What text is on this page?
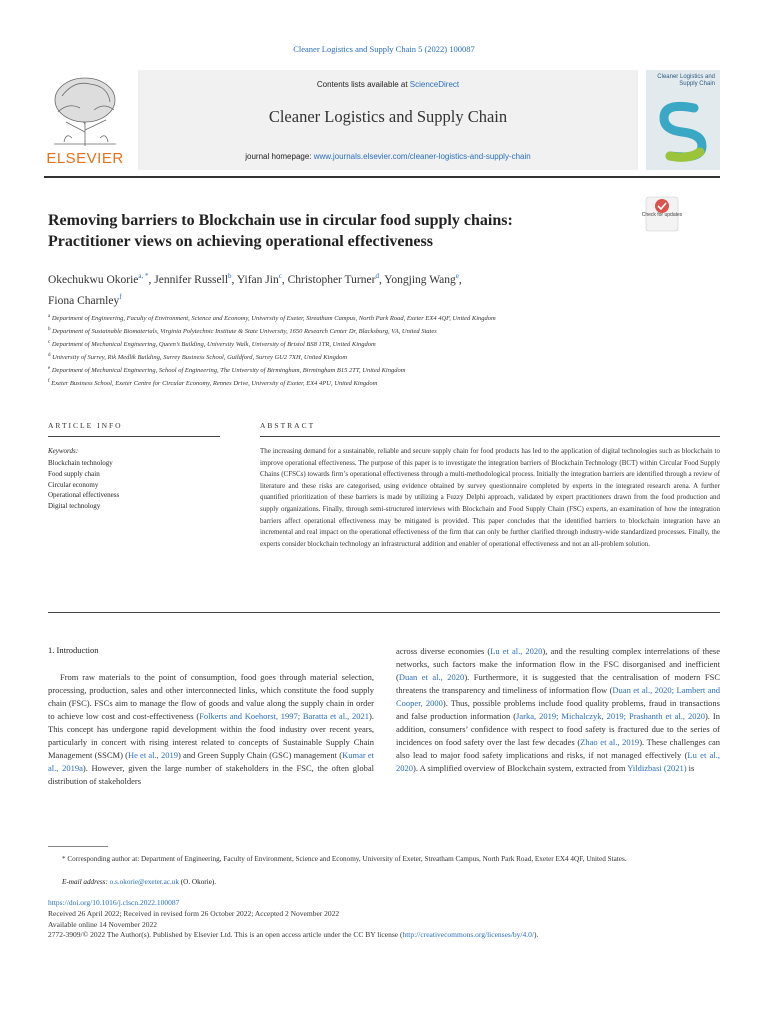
Cleaner Logistics and Supply Chain 5 (2022) 100087
ELSEVIER
Contents lists available at ScienceDirect
Cleaner Logistics and Supply Chain
journal homepage: www.journals.elsevier.com/cleaner-logistics-and-supply-chain
Cleaner Logistics and Supply Chain
Check for updates
Removing barriers to Blockchain use in circular food supply chains:
Practitioner views on achieving operational effectiveness
Okechukwu Okorie$^{a, *}$, Jennifer Russell$^b$, Yifan Jin$^c$, Christopher Turner$^d$, Yongjing Wang$^e$,
Fiona Charnley$^f$
$^a$ Department of Engineering, Faculty of Environment, Science and Economy, University of Exeter, Streatham Campus, North Park Road, Exeter EX4 4QF, United Kingdom
$^b$ Department of Sustainable Biomaterials, Virginia Polytechnic Institute & State University, 1650 Research Center Dr, Blacksburg, VA, United States
$^c$ Department of Mechanical Engineering, Queen’s Building, University Walk, University of Bristol BS8 1TR, United Kingdom
$^d$ University of Surrey, Rik Medlik Building, Surrey Business School, Guildford, Surrey GU2 7XH, United Kingdom
$^e$ Department of Mechanical Engineering, School of Engineering, The University of Birmingham, Birmingham B15 2TT, United Kingdom
$^f$ Exeter Business School, Exeter Centre for Circular Economy, Rennes Drive, University of Exeter, EX4 4PU, United Kingdom
ARTICLE INFO	ABSTRACT
Keywords:
Blockchain technology
Food supply chain
Circular economy
Operational effectiveness
Digital technology
The increasing demand for a sustainable, reliable and secure supply chain for food products has led to the application of digital technologies such as blockchain to improve operational effectiveness. The purpose of this paper is to investigate the integration barriers of Blockchain Technology (BCT) within Circular Food Supply Chains (CFSCs) towards firm’s operational effectiveness through a multi-methodological process. Initially the integration barriers are identified through a review of literature and these risks are categorised, using evidence obtained by survey questionnaire completed by experts in the integrated research arena. A further quantified prioritization of these barriers is made by utilizing a Fuzzy Delphi approach, validated by expert practitioners drawn from the food production and supply organizations. Finally, through semi-structured interviews with Blockchain and Food Supply Chain (FSC) experts, an examination of how the integration barriers affect operational effectiveness may be mitigated is provided. This paper concludes that the identified barriers to blockchain integration have an incremental and real impact on the operational effectiveness of the firm that can only be further clarified through industry-wide standardized processes. Finally, the experts consider blockchain technology an infrastructural addition and enabler of operational effectiveness and not an all-problem solution.
1. Introduction
From raw materials to the point of consumption, food goes through material selection, processing, production, sales and other interconnected links, which constitute the food supply chain (FSC). FSCs aim to manage the flow of goods and value along the supply chain in order to achieve low cost and cost-effectiveness (Folkerts and Koehorst, 1997; Baratta et al., 2021). This concept has undergone rapid development within the food industry over recent years, particularly in concert with rising interest related to concepts of Sustainable Supply Chain Management (SSCM) (He et al., 2019) and Green Supply Chain (GSC) management (Kumar et al., 2019a). However, given the large number of stakeholders in the FSC, the often global distribution of stakeholders
across diverse economies (Lu et al., 2020), and the resulting complex interrelations of these networks, such factors make the information flow in the FSC disorganised and inefficient (Duan et al., 2020). Furthermore, it is suggested that the centralisation of modern FSC threatens the transparency and timeliness of information flow (Duan et al., 2020; Lambert and Cooper, 2000). Thus, possible problems include food quality problems, fraud in transactions and false production information (Jarka, 2019; Michalczyk, 2019; Prashanth et al., 2020). In addition, consumers’ confidence with respect to food safety is fractured due to the series of incidences on food safety over the last few decades (Zhao et al., 2019). These challenges can also lead to major food safety implications and risks, if not managed effectively (Lu et al., 2020). A simplified overview of Blockchain system, extracted from Yildizbasi (2021) is
* Corresponding author at: Department of Engineering, Faculty of Environment, Science and Economy, University of Exeter, Streatham Campus, North Park Road, Exeter EX4 4QF, United States.
E-mail address: o.s.okorie@exeter.ac.uk (O. Okorie).
https://doi.org/10.1016/j.clscn.2022.100087
Received 26 April 2022; Received in revised form 26 October 2022; Accepted 2 November 2022
Available online 14 November 2022
2772-3909/© 2022 The Author(s). Published by Elsevier Ltd. This is an open access article under the CC BY license (http://creativecommons.org/licenses/by/4.0/).
